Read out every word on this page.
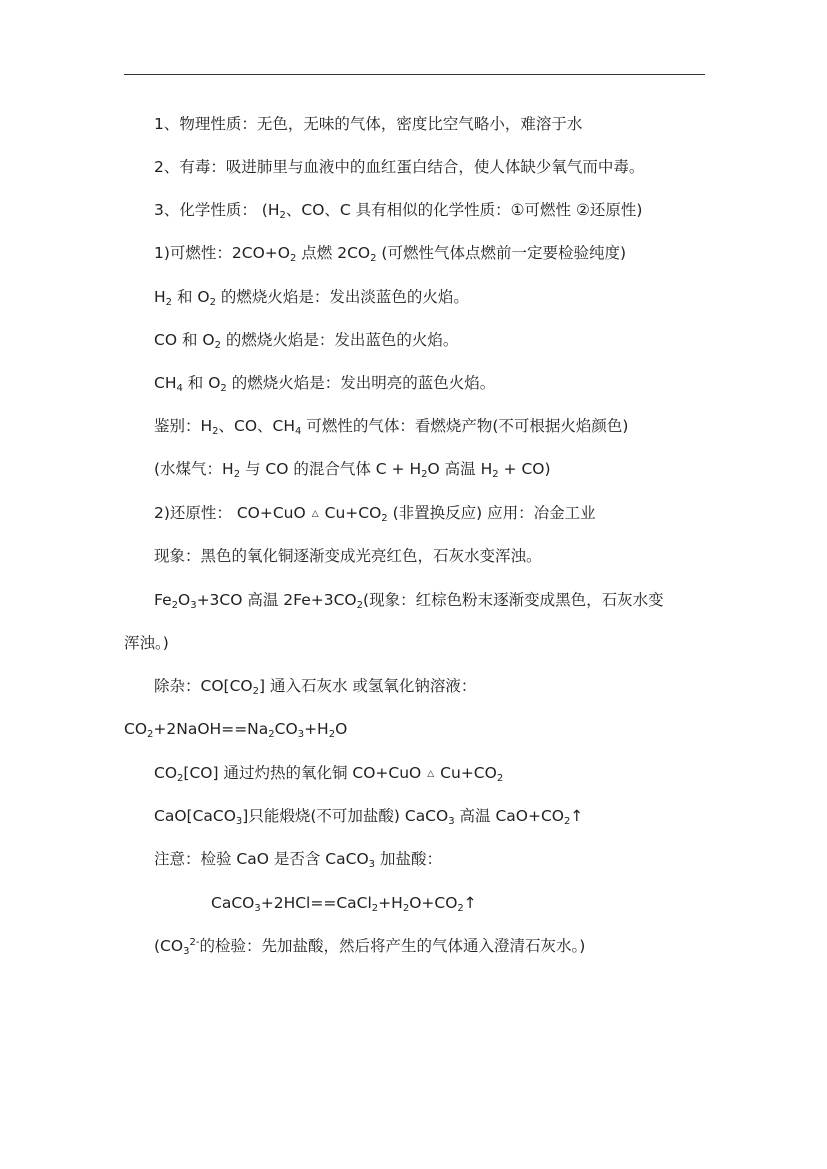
1、物理性质：无色，无味的气体，密度比空气略小，难溶于水
2、有毒：吸进肺里与血液中的血红蛋白结合，使人体缺少氧气而中毒。
3、化学性质： ($H_2$、CO、C 具有相似的化学性质：①可燃性 ②还原性)
1)可燃性：$2CO+O_2$ 点燃 $2CO_2$ (可燃性气体点燃前一定要检验纯度)
$H_2$ 和 $O_2$ 的燃烧火焰是：发出淡蓝色的火焰。
CO 和 $O_2$ 的燃烧火焰是：发出蓝色的火焰。
$CH_4$ 和 $O_2$ 的燃烧火焰是：发出明亮的蓝色火焰。
鉴别：$H_2$、CO、$CH_4$ 可燃性的气体：看燃烧产物(不可根据火焰颜色)
(水煤气：$H_2$ 与 CO 的混合气体 $C + H_2O$ 高温 $H_2 + CO$)
2)还原性： CO+CuO △ $Cu+CO_2$ (非置换反应) 应用：冶金工业
现象：黑色的氧化铜逐渐变成光亮红色，石灰水变浑浊。
$Fe_2O_3+3CO$ 高温 $2Fe+3CO_2$(现象：红棕色粉末逐渐变成黑色，石灰水变
浑浊。)
除杂：$CO[CO_2]$ 通入石灰水 或氢氧化钠溶液：
$CO_2+2NaOH==Na_2CO_3+H_2O$
$CO_2[CO]$ 通过灼热的氧化铜 CO+CuO △ $Cu+CO_2$
CaO[CaCO$_3$]只能煅烧(不可加盐酸) CaCO$_3$ 高温 $CaO+CO_2↑$
注意：检验 CaO 是否含 CaCO$_3$ 加盐酸：
$CaCO_3+2HCl==CaCl_2+H_2O+CO_2↑$
($CO_3^{2-}$的检验：先加盐酸，然后将产生的气体通入澄清石灰水。)
